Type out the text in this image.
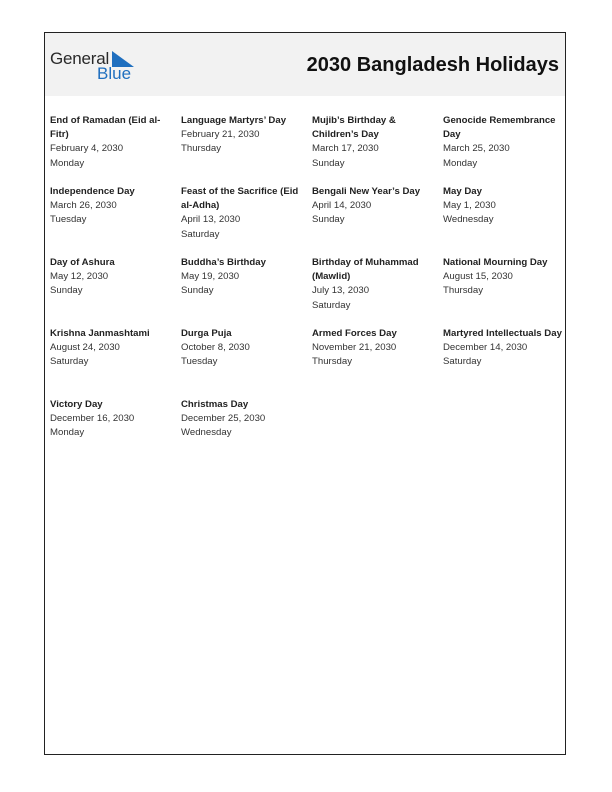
General
Blue	2030 Bangladesh Holidays
End of Ramadan (Eid al-Fitr)
February 4, 2030
Monday
Language Martyrs’ Day
February 21, 2030
Thursday
Mujib’s Birthday & Children’s Day
March 17, 2030
Sunday
Genocide Remembrance Day
March 25, 2030
Monday
Independence Day
March 26, 2030
Tuesday
Feast of the Sacrifice (Eid al-Adha)
April 13, 2030
Saturday
Bengali New Year’s Day
April 14, 2030
Sunday
May Day
May 1, 2030
Wednesday
Day of Ashura
May 12, 2030
Sunday
Buddha’s Birthday
May 19, 2030
Sunday
Birthday of Muhammad (Mawlid)
July 13, 2030
Saturday
National Mourning Day
August 15, 2030
Thursday
Krishna Janmashtami
August 24, 2030
Saturday
Durga Puja
October 8, 2030
Tuesday
Armed Forces Day
November 21, 2030
Thursday
Martyred Intellectuals Day
December 14, 2030
Saturday
Victory Day
December 16, 2030
Monday
Christmas Day
December 25, 2030
Wednesday
